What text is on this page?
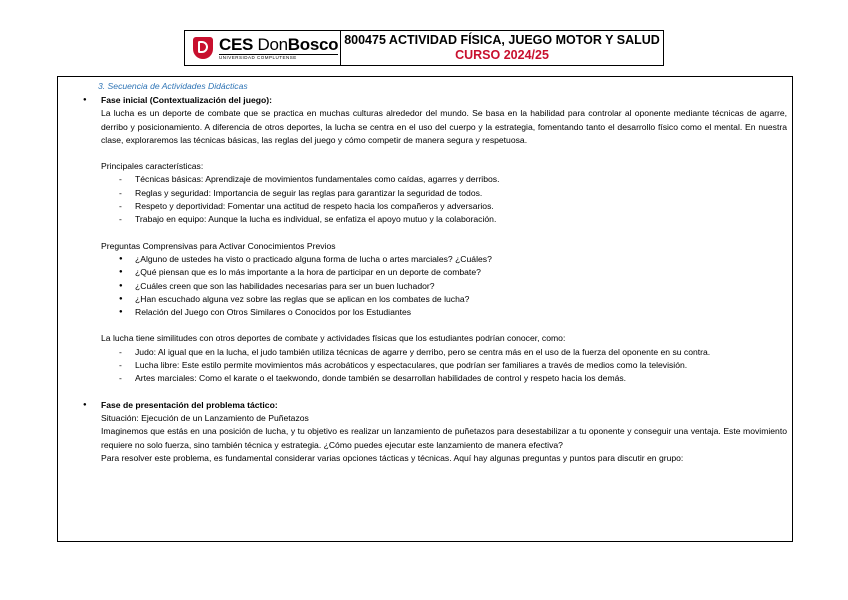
CES DonBosco
UNIVERSIDAD COMPLUTENSE
800475 ACTIVIDAD FÍSICA, JUEGO MOTOR Y SALUD
CURSO 2024/25
3. Secuencia de Actividades Didácticas
● Fase inicial (Contextualización del juego):
La lucha es un deporte de combate que se practica en muchas culturas alrededor del mundo. Se basa en la habilidad para controlar al oponente mediante técnicas de agarre, derribo y posicionamiento. A diferencia de otros deportes, la lucha se centra en el uso del cuerpo y la estrategia, fomentando tanto el desarrollo físico como el mental. En nuestra clase, exploraremos las técnicas básicas, las reglas del juego y cómo competir de manera segura y respetuosa.
Principales características:
- Técnicas básicas: Aprendizaje de movimientos fundamentales como caídas, agarres y derribos.
- Reglas y seguridad: Importancia de seguir las reglas para garantizar la seguridad de todos.
- Respeto y deportividad: Fomentar una actitud de respeto hacia los compañeros y adversarios.
- Trabajo en equipo: Aunque la lucha es individual, se enfatiza el apoyo mutuo y la colaboración.
Preguntas Comprensivas para Activar Conocimientos Previos
● ¿Alguno de ustedes ha visto o practicado alguna forma de lucha o artes marciales? ¿Cuáles?
● ¿Qué piensan que es lo más importante a la hora de participar en un deporte de combate?
● ¿Cuáles creen que son las habilidades necesarias para ser un buen luchador?
● ¿Han escuchado alguna vez sobre las reglas que se aplican en los combates de lucha?
● Relación del Juego con Otros Similares o Conocidos por los Estudiantes
La lucha tiene similitudes con otros deportes de combate y actividades físicas que los estudiantes podrían conocer, como:
- Judo: Al igual que en la lucha, el judo también utiliza técnicas de agarre y derribo, pero se centra más en el uso de la fuerza del oponente en su contra.
- Lucha libre: Este estilo permite movimientos más acrobáticos y espectaculares, que podrían ser familiares a través de medios como la televisión.
- Artes marciales: Como el karate o el taekwondo, donde también se desarrollan habilidades de control y respeto hacia los demás.
● Fase de presentación del problema táctico:
Situación: Ejecución de un Lanzamiento de Puñetazos
Imaginemos que estás en una posición de lucha, y tu objetivo es realizar un lanzamiento de puñetazos para desestabilizar a tu oponente y conseguir una ventaja. Este movimiento requiere no solo fuerza, sino también técnica y estrategia. ¿Cómo puedes ejecutar este lanzamiento de manera efectiva?
Para resolver este problema, es fundamental considerar varias opciones tácticas y técnicas. Aquí hay algunas preguntas y puntos para discutir en grupo:
